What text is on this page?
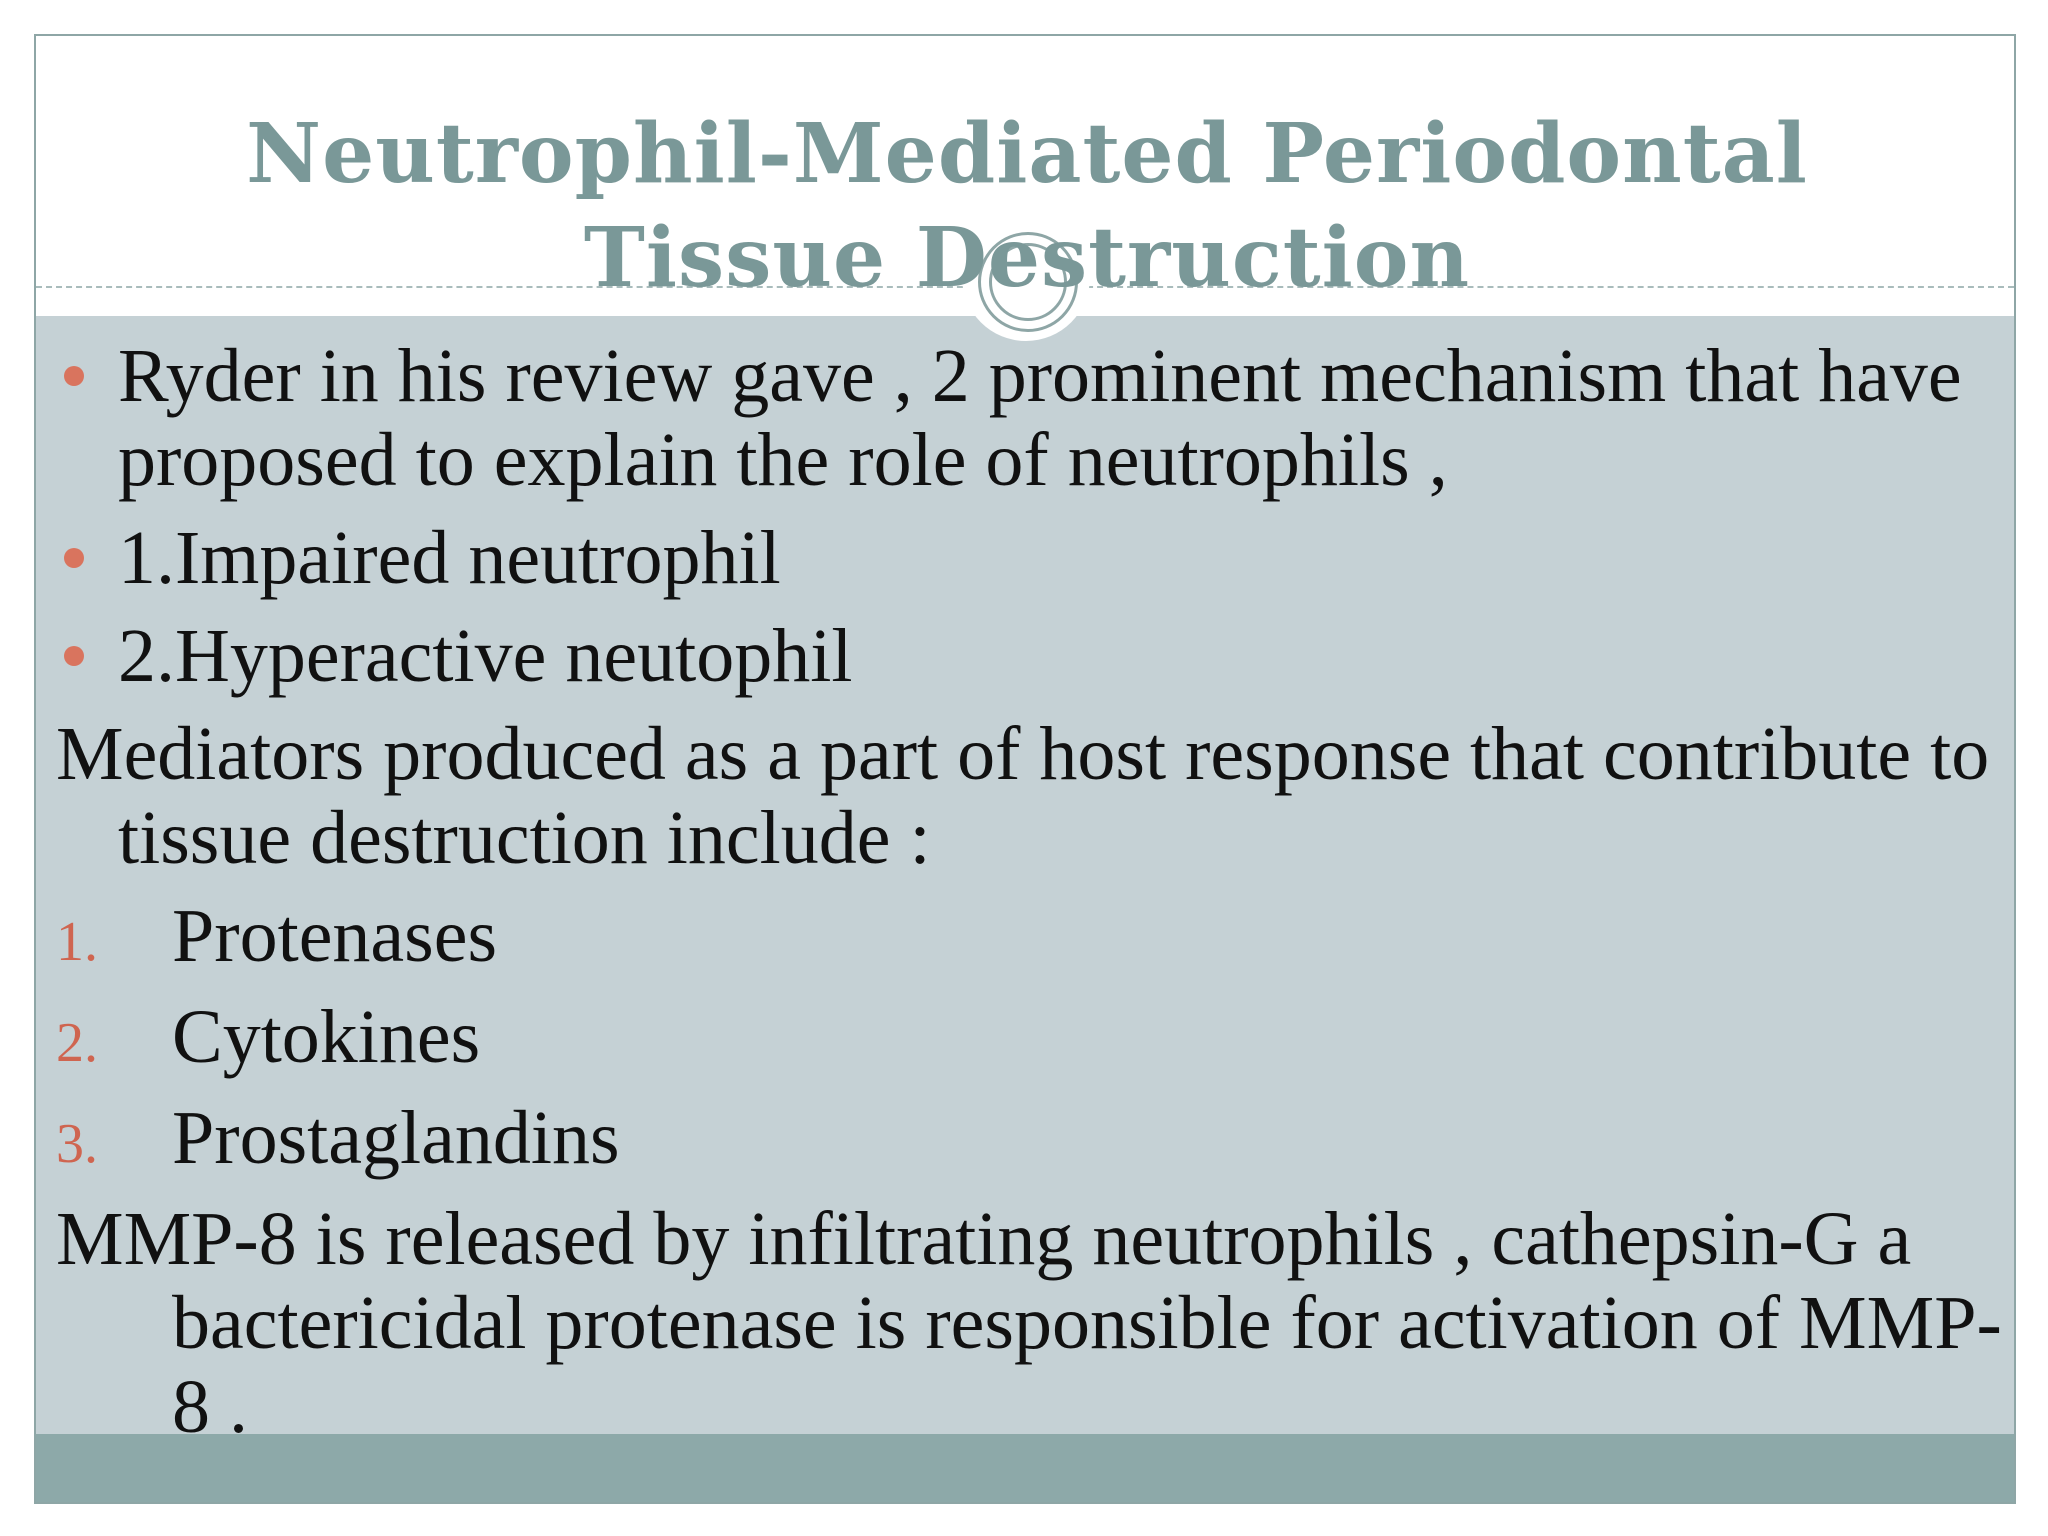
Neutrophil-Mediated Periodontal Tissue Destruction
Ryder in his review gave , 2 prominent mechanism that have proposed to explain the role of neutrophils ,
1.Impaired neutrophil
2.Hyperactive neutophil
Mediators produced as a part of host response that contribute to tissue destruction include :
1. Protenases
2. Cytokines
3. Prostaglandins
MMP-8 is released by infiltrating neutrophils , cathepsin-G a bactericidal protenase is responsible for activation of MMP-8 .
